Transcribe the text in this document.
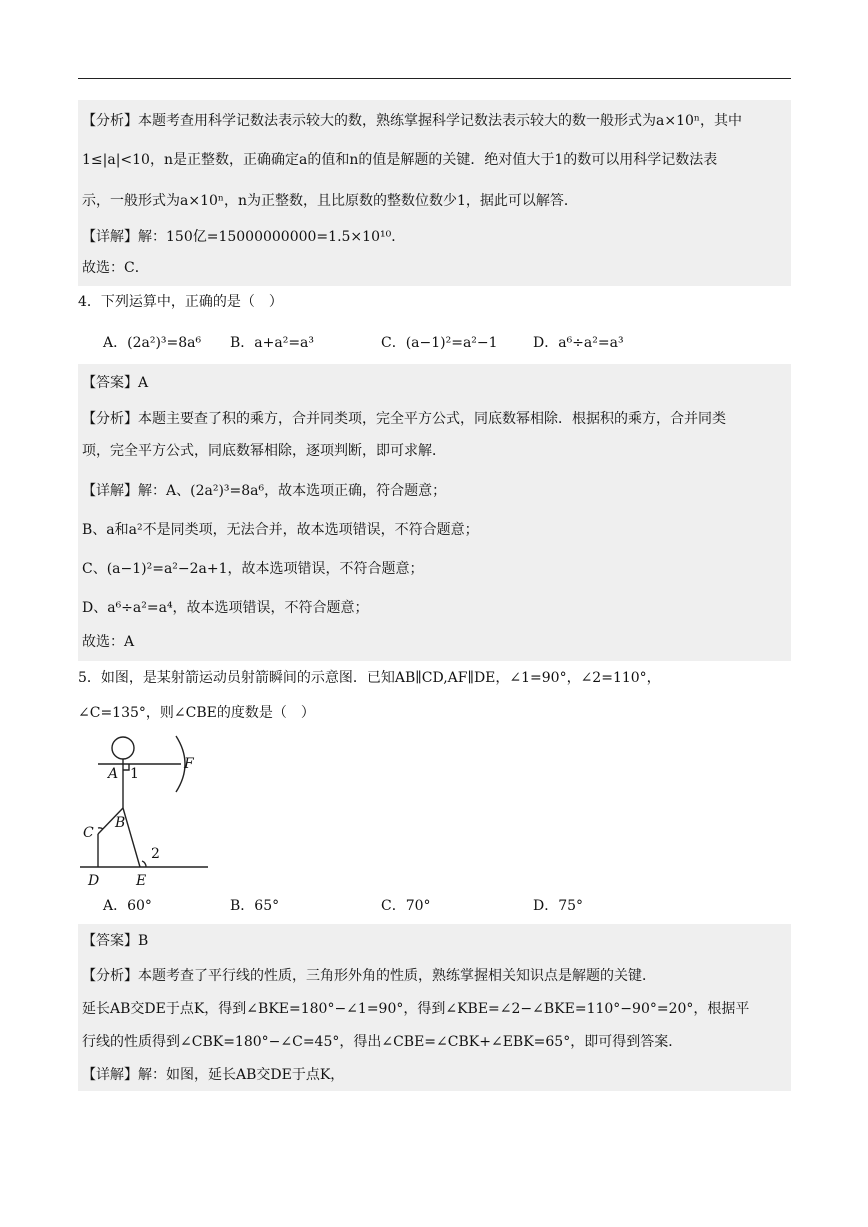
【分析】本题考查用科学记数法表示较大的数，熟练掌握科学记数法表示较大的数一般形式为a×10ⁿ，其中
1≤|a|<10，n是正整数，正确确定a的值和n的值是解题的关键．绝对值大于1的数可以用科学记数法表
示，一般形式为a×10ⁿ，n为正整数，且比原数的整数位数少1，据此可以解答．
【详解】解：150亿=15000000000=1.5×10¹⁰．
故选：C．
4．下列运算中，正确的是（　）
A．(2a²)³=8a⁶ B．a+a²=a³	C．(a−1)²=a²−1	D．a⁶÷a²=a³
【答案】A
【分析】本题主要查了积的乘方，合并同类项，完全平方公式，同底数幂相除．根据积的乘方，合并同类
项，完全平方公式，同底数幂相除，逐项判断，即可求解．
【详解】解：A、(2a²)³=8a⁶，故本选项正确，符合题意；
B、a和a²不是同类项，无法合并，故本选项错误，不符合题意；
C、(a−1)²=a²−2a+1，故本选项错误，不符合题意；
D、a⁶÷a²=a⁴，故本选项错误，不符合题意；
故选：A
5．如图，是某射箭运动员射箭瞬间的示意图．已知AB∥CD,AF∥DE，∠1=90°，∠2=110°，
∠C=135°，则∠CBE的度数是（　）
A
F
B
C
D	E
1
2
A．60°	B．65°	C．70°	D．75°
【答案】B
【分析】本题考查了平行线的性质，三角形外角的性质，熟练掌握相关知识点是解题的关键．
延长AB交DE于点K，得到∠BKE=180°−∠1=90°，得到∠KBE=∠2−∠BKE=110°−90°=20°，根据平
行线的性质得到∠CBK=180°−∠C=45°，得出∠CBE=∠CBK+∠EBK=65°，即可得到答案．
【详解】解：如图，延长AB交DE于点K，
